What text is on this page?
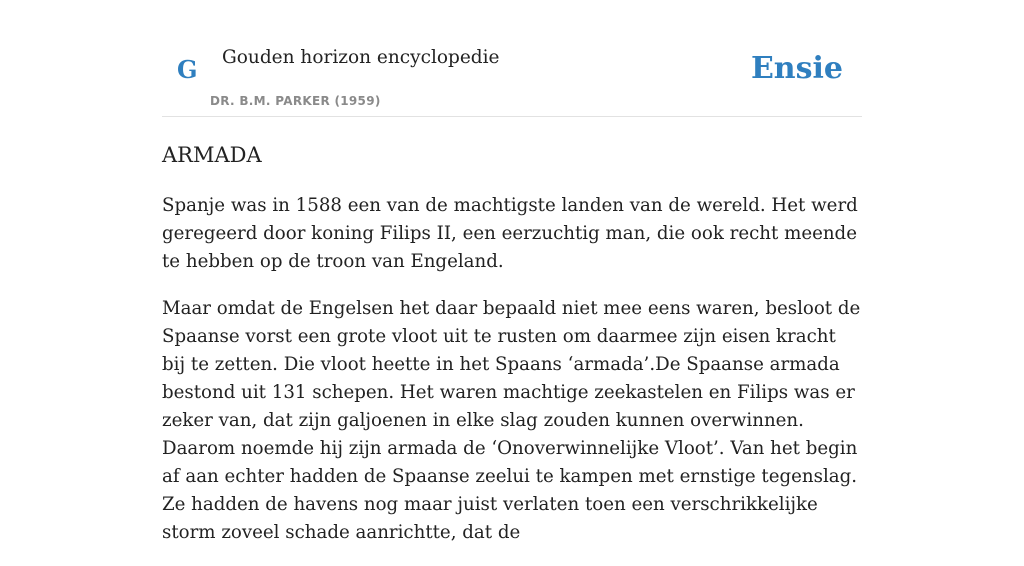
G Gouden horizon encyclopedie
DR. B.M. PARKER (1959)
Ensie
ARMADA

Spanje was in 1588 een van de machtigste landen van de wereld. Het werd geregeerd door koning Filips II, een eerzuchtig man, die ook recht meende te hebben op de troon van Engeland.

Maar omdat de Engelsen het daar bepaald niet mee eens waren, besloot de Spaanse vorst een grote vloot uit te rusten om daarmee zijn eisen kracht bij te zetten. Die vloot heette in het Spaans ‘armada’.De Spaanse armada bestond uit 131 schepen. Het waren machtige zeekastelen en Filips was er zeker van, dat zijn galjoenen in elke slag zouden kunnen overwinnen. Daarom noemde hij zijn armada de ‘Onoverwinnelijke Vloot’. Van het begin af aan echter hadden de Spaanse zeelui te kampen met ernstige tegenslag. Ze hadden de havens nog maar juist verlaten toen een verschrikkelijke storm zoveel schade aanrichtte, dat de
